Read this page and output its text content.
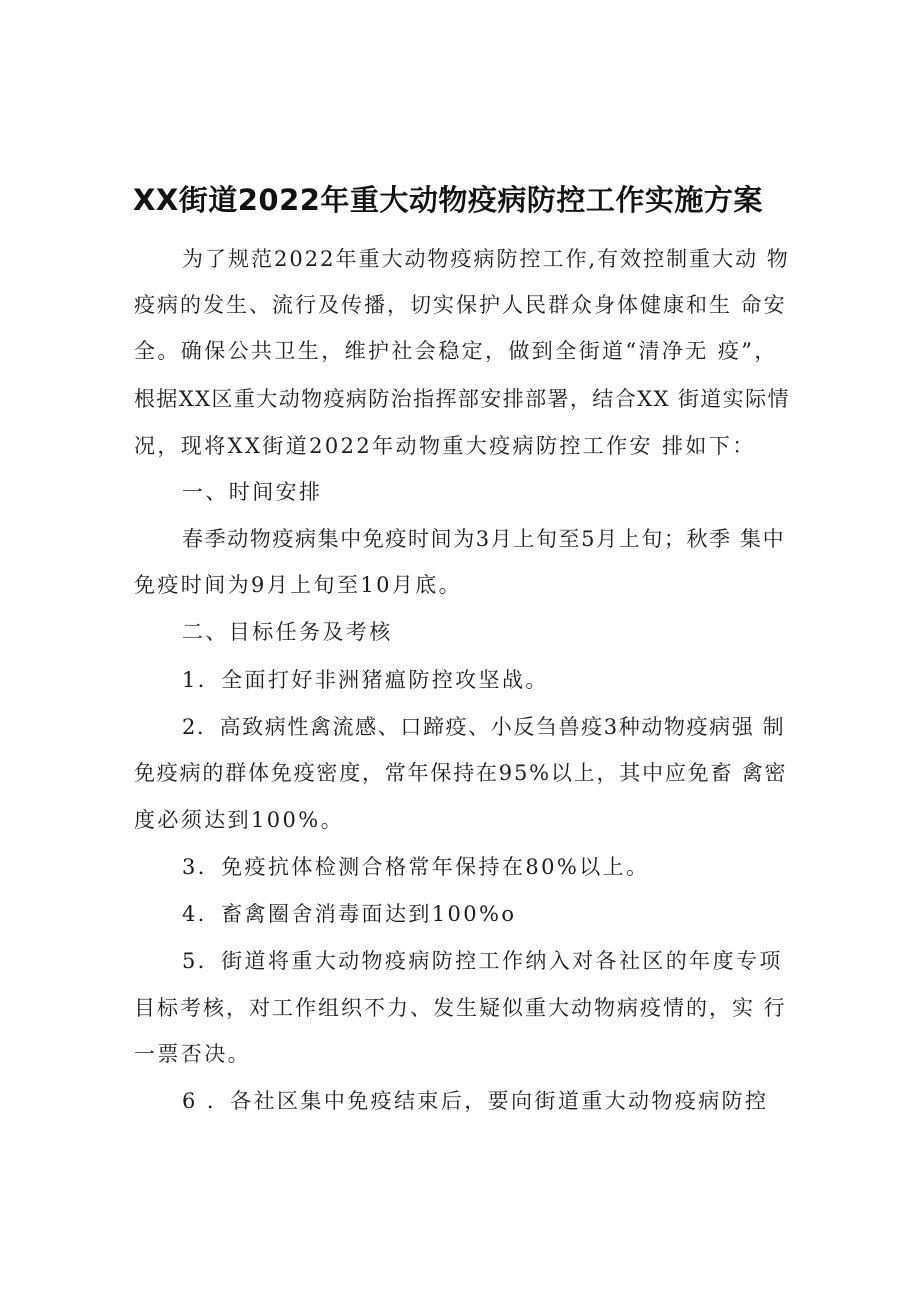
XX街道2022年重大动物疫病防控工作实施方案
为了规范2022年重大动物疫病防控工作,有效控制重大动 物
疫病的发生、流行及传播，切实保护人民群众身体健康和生 命安
全。确保公共卫生，维护社会稳定，做到全街道“清净无 疫”，
根据XX区重大动物疫病防治指挥部安排部署，结合XX 街道实际情
况，现将XX街道2022年动物重大疫病防控工作安 排如下：
一、时间安排
春季动物疫病集中免疫时间为3月上旬至5月上旬；秋季 集中
免疫时间为9月上旬至10月底。
二、目标任务及考核
1．全面打好非洲猪瘟防控攻坚战。
2．高致病性禽流感、口蹄疫、小反刍兽疫3种动物疫病强 制
免疫病的群体免疫密度，常年保持在95%以上，其中应免畜 禽密
度必须达到100%。
3．免疫抗体检测合格常年保持在80%以上。
4．畜禽圈舍消毒面达到100%o
5．街道将重大动物疫病防控工作纳入对各社区的年度专项
目标考核，对工作组织不力、发生疑似重大动物病疫情的，实 行
一票否决。
6 ．各社区集中免疫结束后，要向街道重大动物疫病防控
